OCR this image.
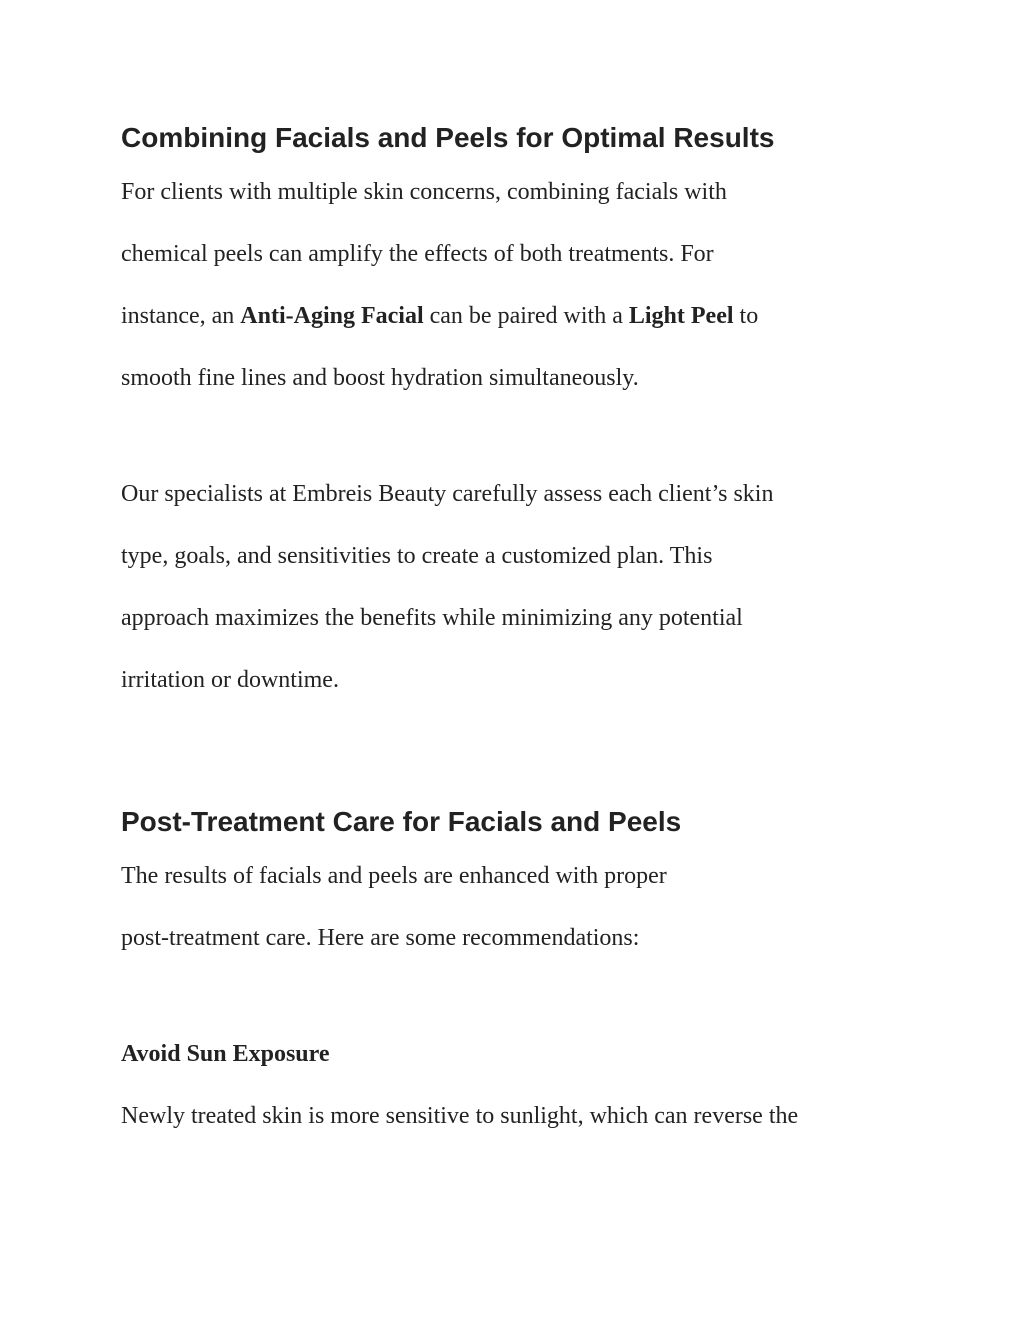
Combining Facials and Peels for Optimal Results

For clients with multiple skin concerns, combining facials with

chemical peels can amplify the effects of both treatments. For

instance, an Anti-Aging Facial can be paired with a Light Peel to

smooth fine lines and boost hydration simultaneously.

Our specialists at Embreis Beauty carefully assess each client’s skin

type, goals, and sensitivities to create a customized plan. This

approach maximizes the benefits while minimizing any potential

irritation or downtime.

Post-Treatment Care for Facials and Peels

The results of facials and peels are enhanced with proper

post-treatment care. Here are some recommendations:

Avoid Sun Exposure

Newly treated skin is more sensitive to sunlight, which can reverse the
